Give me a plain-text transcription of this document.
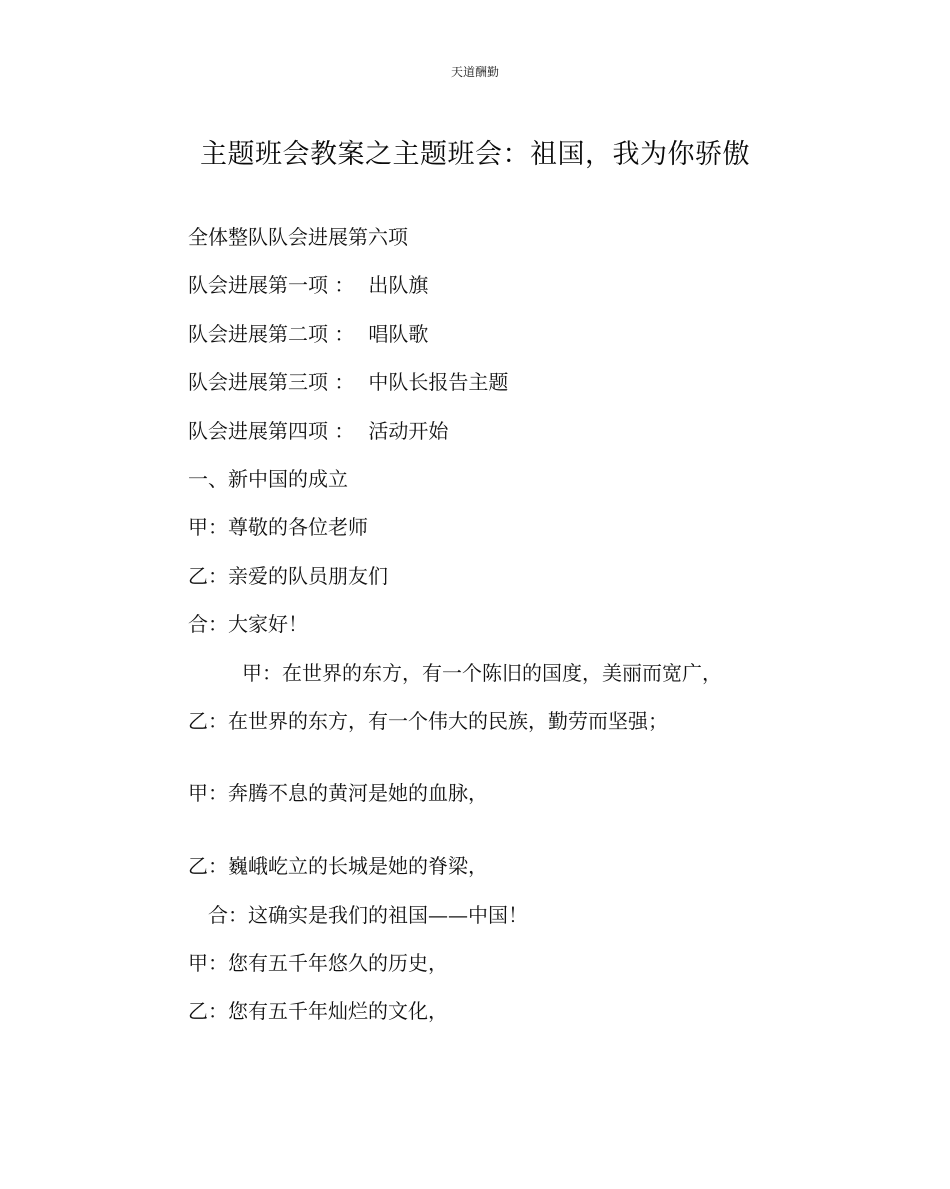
天道酬勤
主题班会教案之主题班会：祖国，我为你骄傲
全体整队队会进展第六项
队会进展第一项 ： 出队旗
队会进展第二项 ： 唱队歌
队会进展第三项 ： 中队长报告主题
队会进展第四项 ： 活动开始
一、新中国的成立
甲：尊敬的各位老师
乙：亲爱的队员朋友们
合：大家好！
甲：在世界的东方，有一个陈旧的国度，美丽而宽广，
乙：在世界的东方，有一个伟大的民族，勤劳而坚强；
甲：奔腾不息的黄河是她的血脉，
乙：巍峨屹立的长城是她的脊梁，
合：这确实是我们的祖国——中国！
甲：您有五千年悠久的历史，
乙：您有五千年灿烂的文化，
